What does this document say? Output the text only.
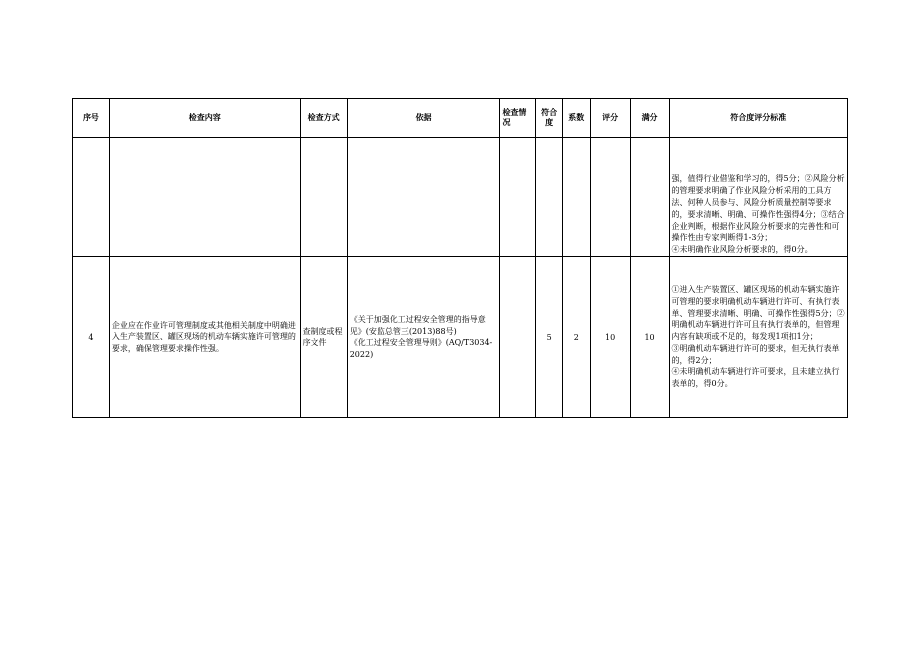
序号	检查内容	检查方式	依据	检查情况	符合度	系数	评分	满分	符合度评分标准
									强，值得行业借鉴和学习的，得5分；②风险分析的管理要求明确了作业风险分析采用的工具方法、何种人员参与、风险分析质量控制等要求的，要求清晰、明确、可操作性强得4分；③结合企业判断，根据作业风险分析要求的完善性和可操作性由专家判断得1-3分；
④未明确作业风险分析要求的，得0分。
4	企业应在作业许可管理制度或其他相关制度中明确进入生产装置区、罐区现场的机动车辆实施许可管理的要求，确保管理要求操作性强。	查制度或程序文件	《关于加强化工过程安全管理的指导意见》(安监总管三(2013)88号)
《化工过程安全管理导则》(AQ/T3034-2022)		5	2	10	10	①进入生产装置区、罐区现场的机动车辆实施许可管理的要求明确机动车辆进行许可、有执行表单、管理要求清晰、明确、可操作性强得5分；②明确机动车辆进行许可且有执行表单的，但管理内容有缺项或不足的，每发现1项扣1分；
③明确机动车辆进行许可的要求，但无执行表单的，得2分；
④未明确机动车辆进行许可要求，且未建立执行表单的，得0分。
